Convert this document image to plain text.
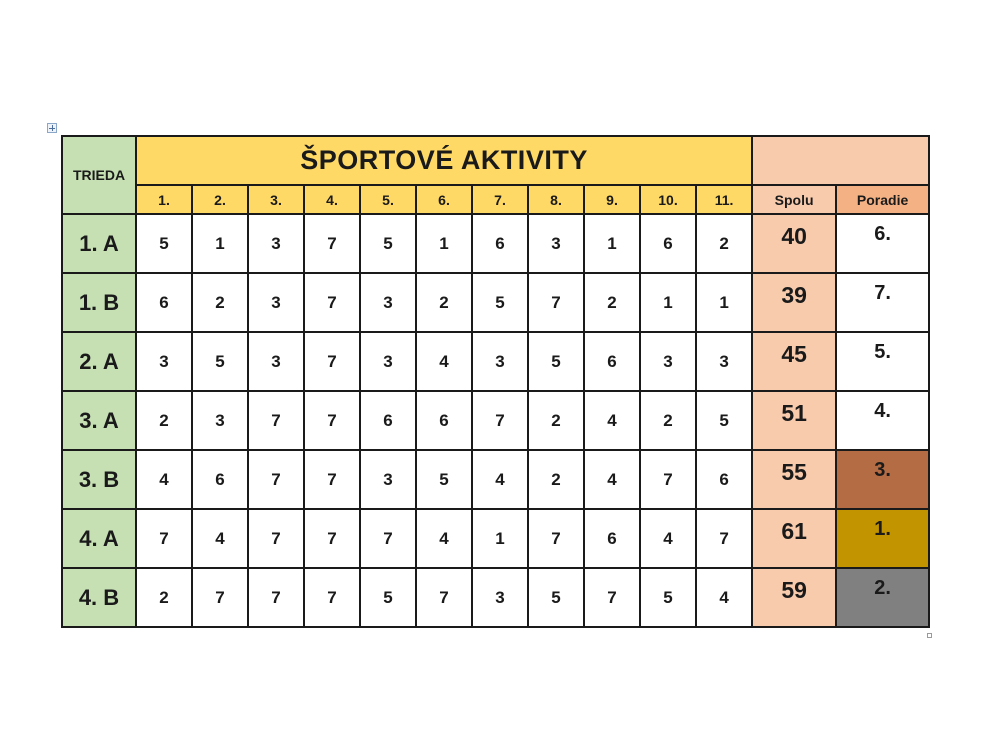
TRIEDA	ŠPORTOVÉ AKTIVITY												
	1.	2.	3.	4.	5.	6.	7.	8.	9.	10.	11.	Spolu	Poradie
1. A	5	1	3	7	5	1	6	3	1	6	2	40	6.
1. B	6	2	3	7	3	2	5	7	2	1	1	39	7.
2. A	3	5	3	7	3	4	3	5	6	3	3	45	5.
3. A	2	3	7	7	6	6	7	2	4	2	5	51	4.
3. B	4	6	7	7	3	5	4	2	4	7	6	55	3.
4. A	7	4	7	7	7	4	1	7	6	4	7	61	1.
4. B	2	7	7	7	5	7	3	5	7	5	4	59	2.
